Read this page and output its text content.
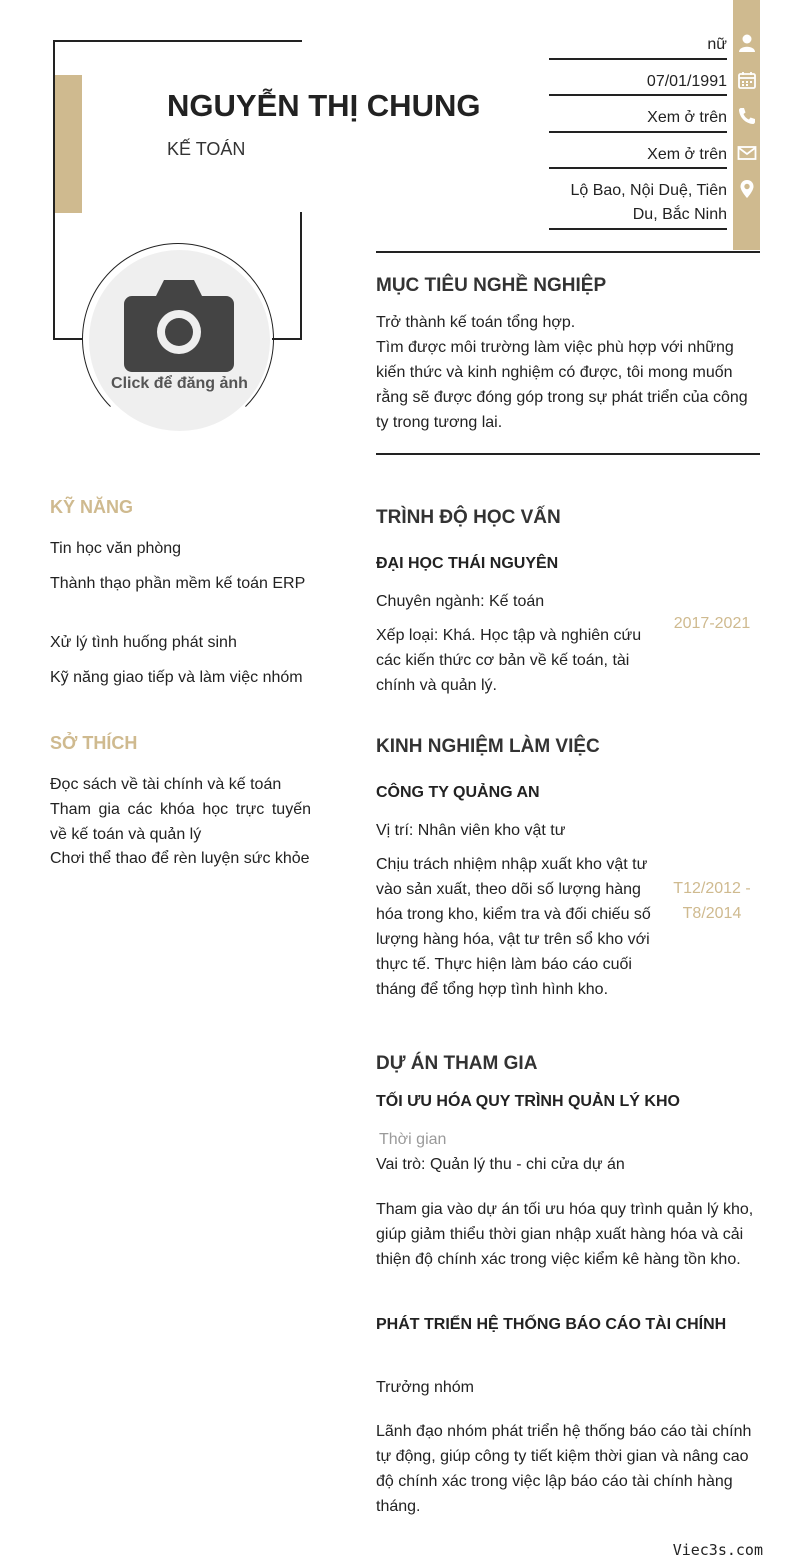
NGUYỄN THỊ CHUNG
KẾ TOÁN
Click để đăng ảnh
nữ
07/01/1991
Xem ở trên
Xem ở trên
Lộ Bao, Nội Duệ, Tiên Du, Bắc Ninh
MỤC TIÊU NGHỀ NGHIỆP
Trở thành kế toán tổng hợp.
Tìm được môi trường làm việc phù hợp với những kiến thức và kinh nghiệm có được, tôi mong muốn rằng sẽ được đóng góp trong sự phát triển của công ty trong tương lai.
KỸ NĂNG
Tin học văn phòng
Thành thạo phần mềm kế toán ERP
Xử lý tình huống phát sinh
Kỹ năng giao tiếp và làm việc nhóm
SỞ THÍCH
Đọc sách về tài chính và kế toán
Tham gia các khóa học trực tuyến về kế toán và quản lý
Chơi thể thao để rèn luyện sức khỏe
TRÌNH ĐỘ HỌC VẤN
ĐẠI HỌC THÁI NGUYÊN
Chuyên ngành: Kế toán
Xếp loại: Khá. Học tập và nghiên cứu các kiến thức cơ bản về kế toán, tài chính và quản lý.
2017-2021
KINH NGHIỆM LÀM VIỆC
CÔNG TY QUẢNG AN
Vị trí: Nhân viên kho vật tư
Chịu trách nhiệm nhập xuất kho vật tư vào sản xuất, theo dõi số lượng hàng hóa trong kho, kiểm tra và đối chiếu số lượng hàng hóa, vật tư trên sổ kho với thực tế. Thực hiện làm báo cáo cuối tháng để tổng hợp tình hình kho.
T12/2012 - T8/2014
DỰ ÁN THAM GIA
TỐI ƯU HÓA QUY TRÌNH QUẢN LÝ KHO
Thời gian
Vai trò: Quản lý thu - chi cửa dự án
Tham gia vào dự án tối ưu hóa quy trình quản lý kho, giúp giảm thiểu thời gian nhập xuất hàng hóa và cải thiện độ chính xác trong việc kiểm kê hàng tồn kho.
PHÁT TRIỂN HỆ THỐNG BÁO CÁO TÀI CHÍNH
Trưởng nhóm
Lãnh đạo nhóm phát triển hệ thống báo cáo tài chính tự động, giúp công ty tiết kiệm thời gian và nâng cao độ chính xác trong việc lập báo cáo tài chính hàng tháng.
Viec3s.com
